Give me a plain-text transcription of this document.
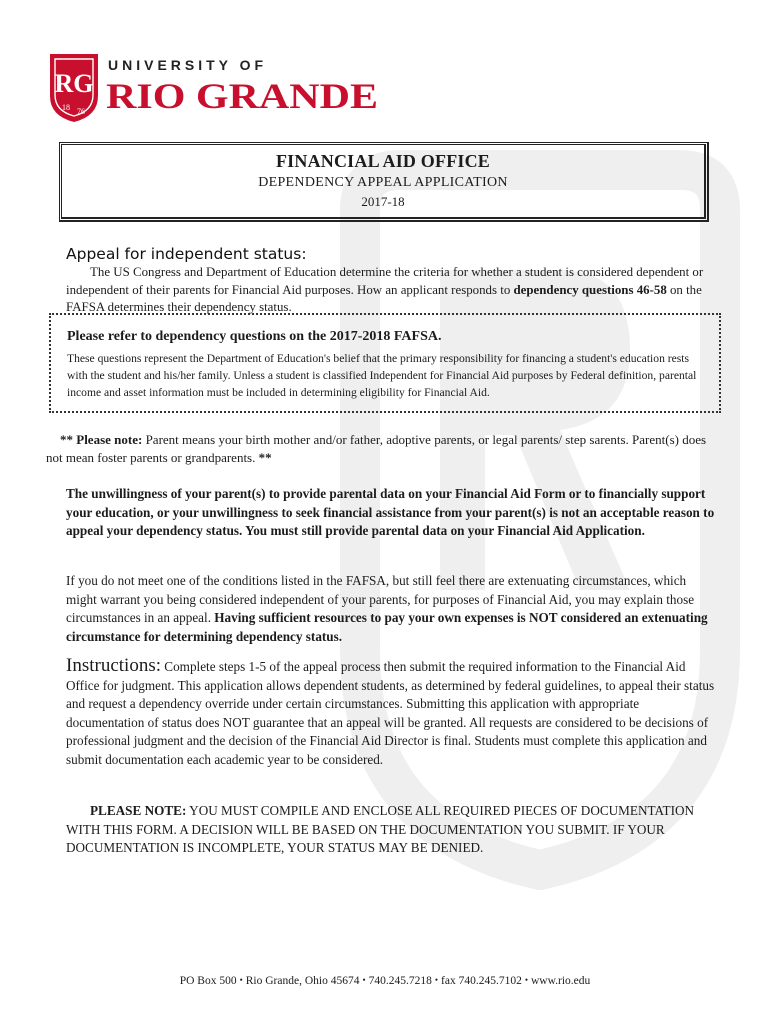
RG
18 76
UNIVERSITY OF
RIO GRANDE
FINANCIAL AID OFFICE
DEPENDENCY APPEAL APPLICATION
2017-18
Appeal for independent status:
The US Congress and Department of Education determine the criteria for whether a student is considered dependent or independent of their parents for Financial Aid purposes. How an applicant responds to dependency questions 46-58 on the FAFSA determines their dependency status.
Please refer to dependency questions on the 2017-2018 FAFSA.
These questions represent the Department of Education's belief that the primary responsibility for financing a student's education rests with the student and his/her family. Unless a student is classified Independent for Financial Aid purposes by Federal definition, parental income and asset information must be included in determining eligibility for Financial Aid.
** Please note: Parent means your birth mother and/or father, adoptive parents, or legal parents/ step sarents. Parent(s) does not mean foster parents or grandparents. **
The unwillingness of your parent(s) to provide parental data on your Financial Aid Form or to financially support your education, or your unwillingness to seek financial assistance from your parent(s) is not an acceptable reason to appeal your dependency status. You must still provide parental data on your Financial Aid Application.
If you do not meet one of the conditions listed in the FAFSA, but still feel there are extenuating circumstances, which might warrant you being considered independent of your parents, for purposes of Financial Aid, you may explain those circumstances in an appeal. Having sufficient resources to pay your own expenses is NOT considered an extenuating circumstance for determining dependency status.
Instructions: Complete steps 1-5 of the appeal process then submit the required information to the Financial Aid Office for judgment. This application allows dependent students, as determined by federal guidelines, to appeal their status and request a dependency override under certain circumstances. Submitting this application with appropriate documentation of status does NOT guarantee that an appeal will be granted. All requests are considered to be decisions of professional judgment and the decision of the Financial Aid Director is final. Students must complete this application and submit documentation each academic year to be considered.
PLEASE NOTE: YOU MUST COMPILE AND ENCLOSE ALL REQUIRED PIECES OF DOCUMENTATION WITH THIS FORM. A DECISION WILL BE BASED ON THE DOCUMENTATION YOU SUBMIT. IF YOUR DOCUMENTATION IS INCOMPLETE, YOUR STATUS MAY BE DENIED.
PO Box 500 • Rio Grande, Ohio 45674 • 740.245.7218 • fax 740.245.7102 • www.rio.edu
